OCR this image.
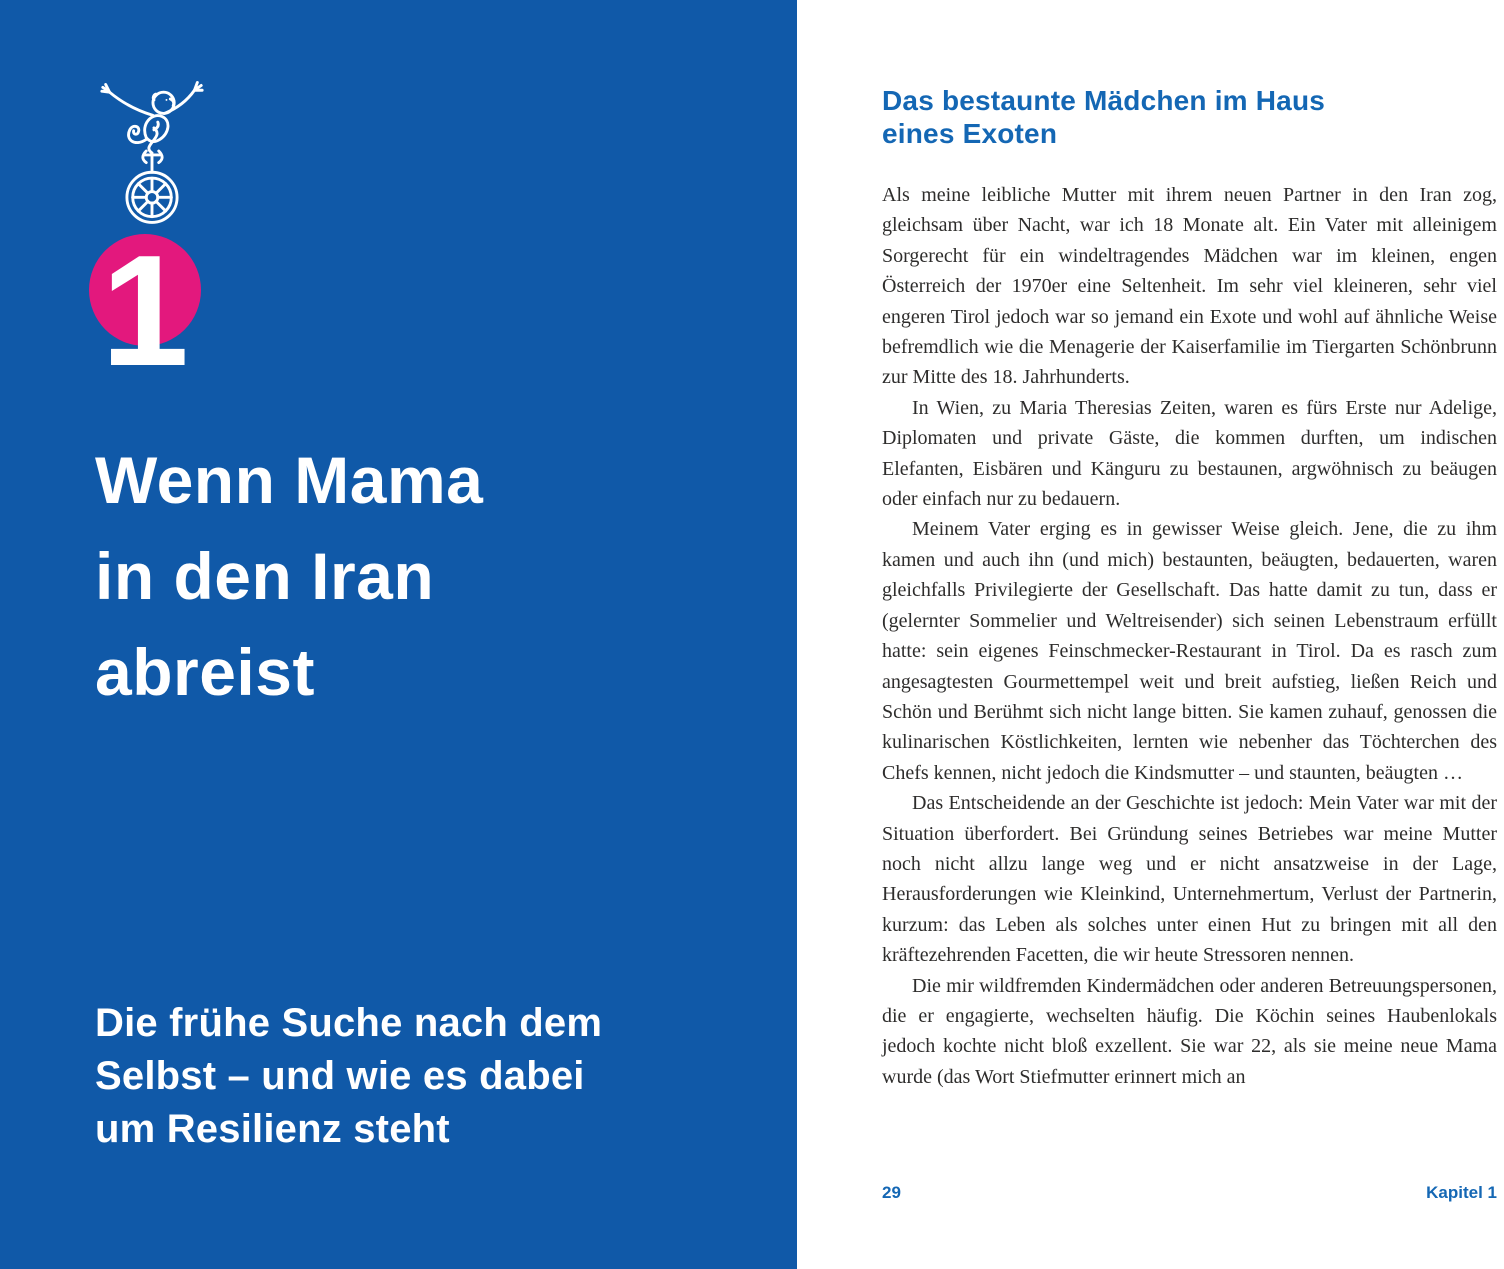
1
Wenn Mama
in den Iran
abreist
Die frühe Suche nach dem
Selbst – und wie es dabei
um Resilienz steht
Das bestaunte Mädchen im Haus
eines Exoten

Als meine leibliche Mutter mit ihrem neuen Partner in den Iran zog, gleichsam über Nacht, war ich 18 Monate alt. Ein Vater mit alleinigem Sorgerecht für ein windeltragendes Mädchen war im kleinen, engen Österreich der 1970er eine Seltenheit. Im sehr viel kleineren, sehr viel engeren Tirol jedoch war so jemand ein Exote und wohl auf ähnliche Weise befremdlich wie die Menagerie der Kaiserfamilie im Tiergarten Schönbrunn zur Mitte des 18. Jahrhunderts.

In Wien, zu Maria Theresias Zeiten, waren es fürs Erste nur Adelige, Diplomaten und private Gäste, die kommen durften, um indischen Elefanten, Eisbären und Känguru zu bestaunen, argwöhnisch zu beäugen oder einfach nur zu bedauern.

Meinem Vater erging es in gewisser Weise gleich. Jene, die zu ihm kamen und auch ihn (und mich) bestaunten, beäugten, bedauerten, waren gleichfalls Privilegierte der Gesellschaft. Das hatte damit zu tun, dass er (gelernter Sommelier und Weltreisender) sich seinen Lebenstraum erfüllt hatte: sein eigenes Feinschmecker-Restaurant in Tirol. Da es rasch zum angesagtesten Gourmettempel weit und breit aufstieg, ließen Reich und Schön und Berühmt sich nicht lange bitten. Sie kamen zuhauf, genossen die kulinarischen Köstlichkeiten, lernten wie nebenher das Töchterchen des Chefs kennen, nicht jedoch die Kindsmutter – und staunten, beäugten …

Das Entscheidende an der Geschichte ist jedoch: Mein Vater war mit der Situation überfordert. Bei Gründung seines Betriebes war meine Mutter noch nicht allzu lange weg und er nicht ansatzweise in der Lage, Herausforderungen wie Kleinkind, Unternehmertum, Verlust der Partnerin, kurzum: das Leben als solches unter einen Hut zu bringen mit all den kräftezehrenden Facetten, die wir heute Stressoren nennen.

Die mir wildfremden Kindermädchen oder anderen Betreuungspersonen, die er engagierte, wechselten häufig. Die Köchin seines Haubenlokals jedoch kochte nicht bloß exzellent. Sie war 22, als sie meine neue Mama wurde (das Wort Stiefmutter erinnert mich an

29	Kapitel 1
